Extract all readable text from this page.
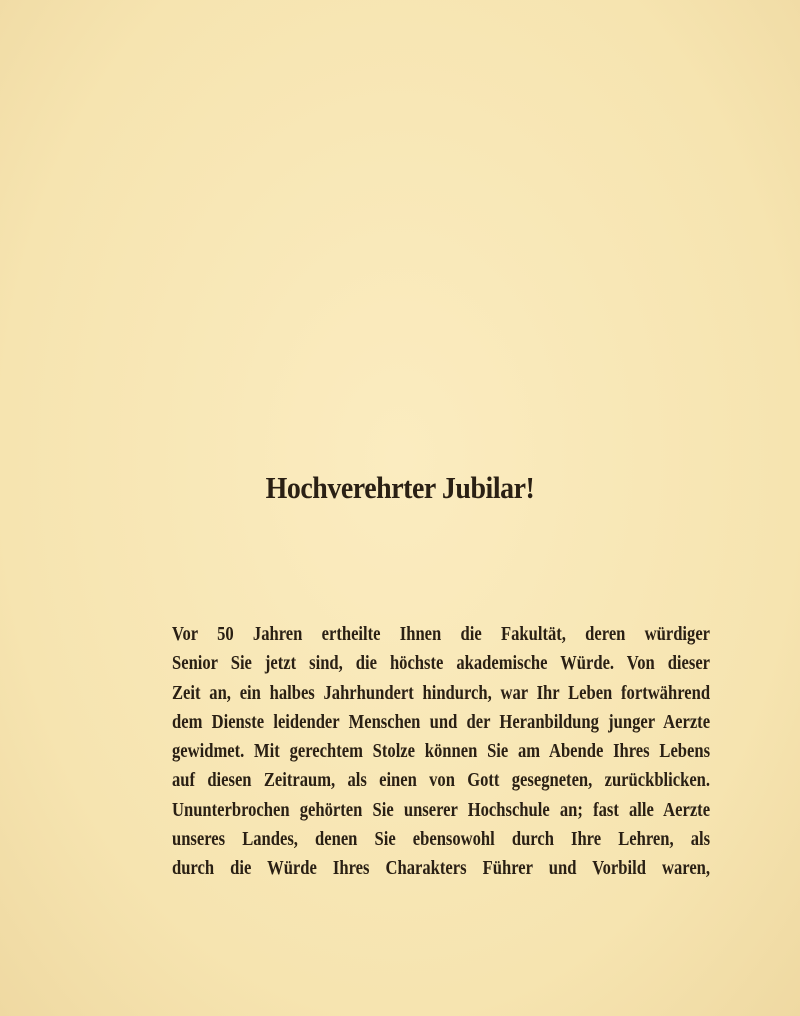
Hochverehrter Jubilar!
Vor 50 Jahren ertheilte Ihnen die Fakultät, deren würdiger
Senior Sie jetzt sind, die höchste akademische Würde. Von dieser
Zeit an, ein halbes Jahrhundert hindurch, war Ihr Leben fortwährend
dem Dienste leidender Menschen und der Heranbildung junger Aerzte
gewidmet. Mit gerechtem Stolze können Sie am Abende Ihres Lebens
auf diesen Zeitraum, als einen von Gott gesegneten, zurückblicken.
Ununterbrochen gehörten Sie unserer Hochschule an; fast alle Aerzte
unseres Landes, denen Sie ebensowohl durch Ihre Lehren, als
durch die Würde Ihres Charakters Führer und Vorbild waren,
